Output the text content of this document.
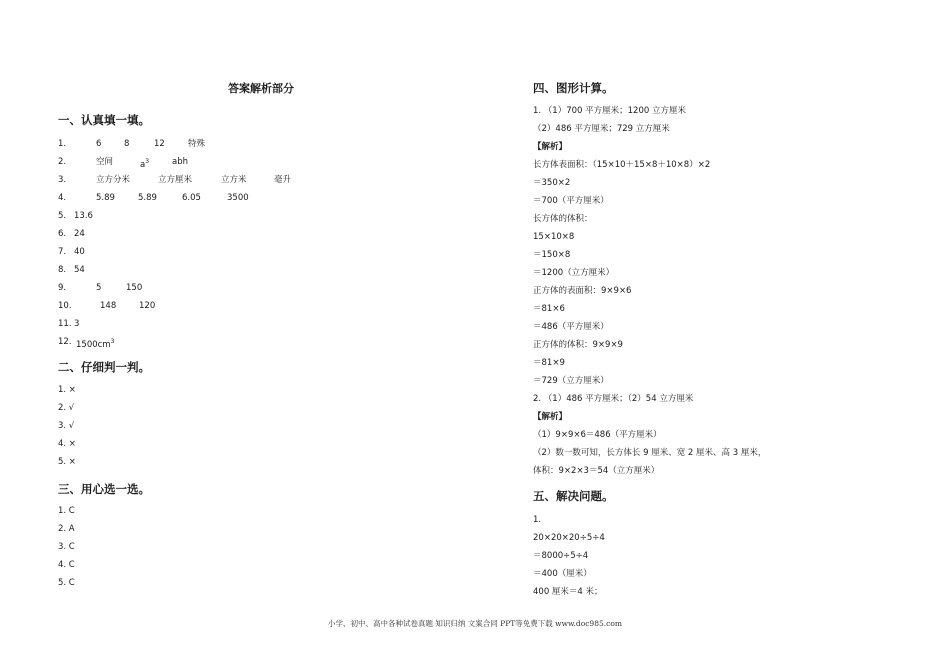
答案解析部分
一、认真填一填。
1.	6	8	12	特殊
2.	空间	$a^3$	abh
3.	立方分米	立方厘米	立方米	毫升
4.	5.89	5.89	6.05	3500
5. 13.6
6. 24
7. 40
8. 54
9.	5	150
10.	148	120
11. 3
12. $1500cm^3$
二、仔细判一判。
1. ×
2. √
3. √
4. ×
5. ×
三、用心选一选。
1. C
2. A
3. C
4. C
5. C
四、图形计算。
1. （1）700 平方厘米；1200 立方厘米
（2）486 平方厘米；729 立方厘米
【解析】
长方体表面积：（15×10＋15×8＋10×8）×2
＝350×2
＝700（平方厘米）
长方体的体积：
15×10×8
＝150×8
＝1200（立方厘米）
正方体的表面积：9×9×6
＝81×6
＝486（平方厘米）
正方体的体积：9×9×9
＝81×9
＝729（立方厘米）
2. （1）486 平方厘米；（2）54 立方厘米
【解析】
（1）9×9×6＝486（平方厘米）
（2）数一数可知，长方体长 9 厘米、宽 2 厘米、高 3 厘米，
体积：9×2×3＝54（立方厘米）
五、解决问题。
1.
20×20×20÷5÷4
＝8000÷5÷4
＝400（厘米）
400 厘米＝4 米；
小学、初中、高中各种试卷真题 知识归纳 文案合同 PPT等免费下载 www.doc985.com
